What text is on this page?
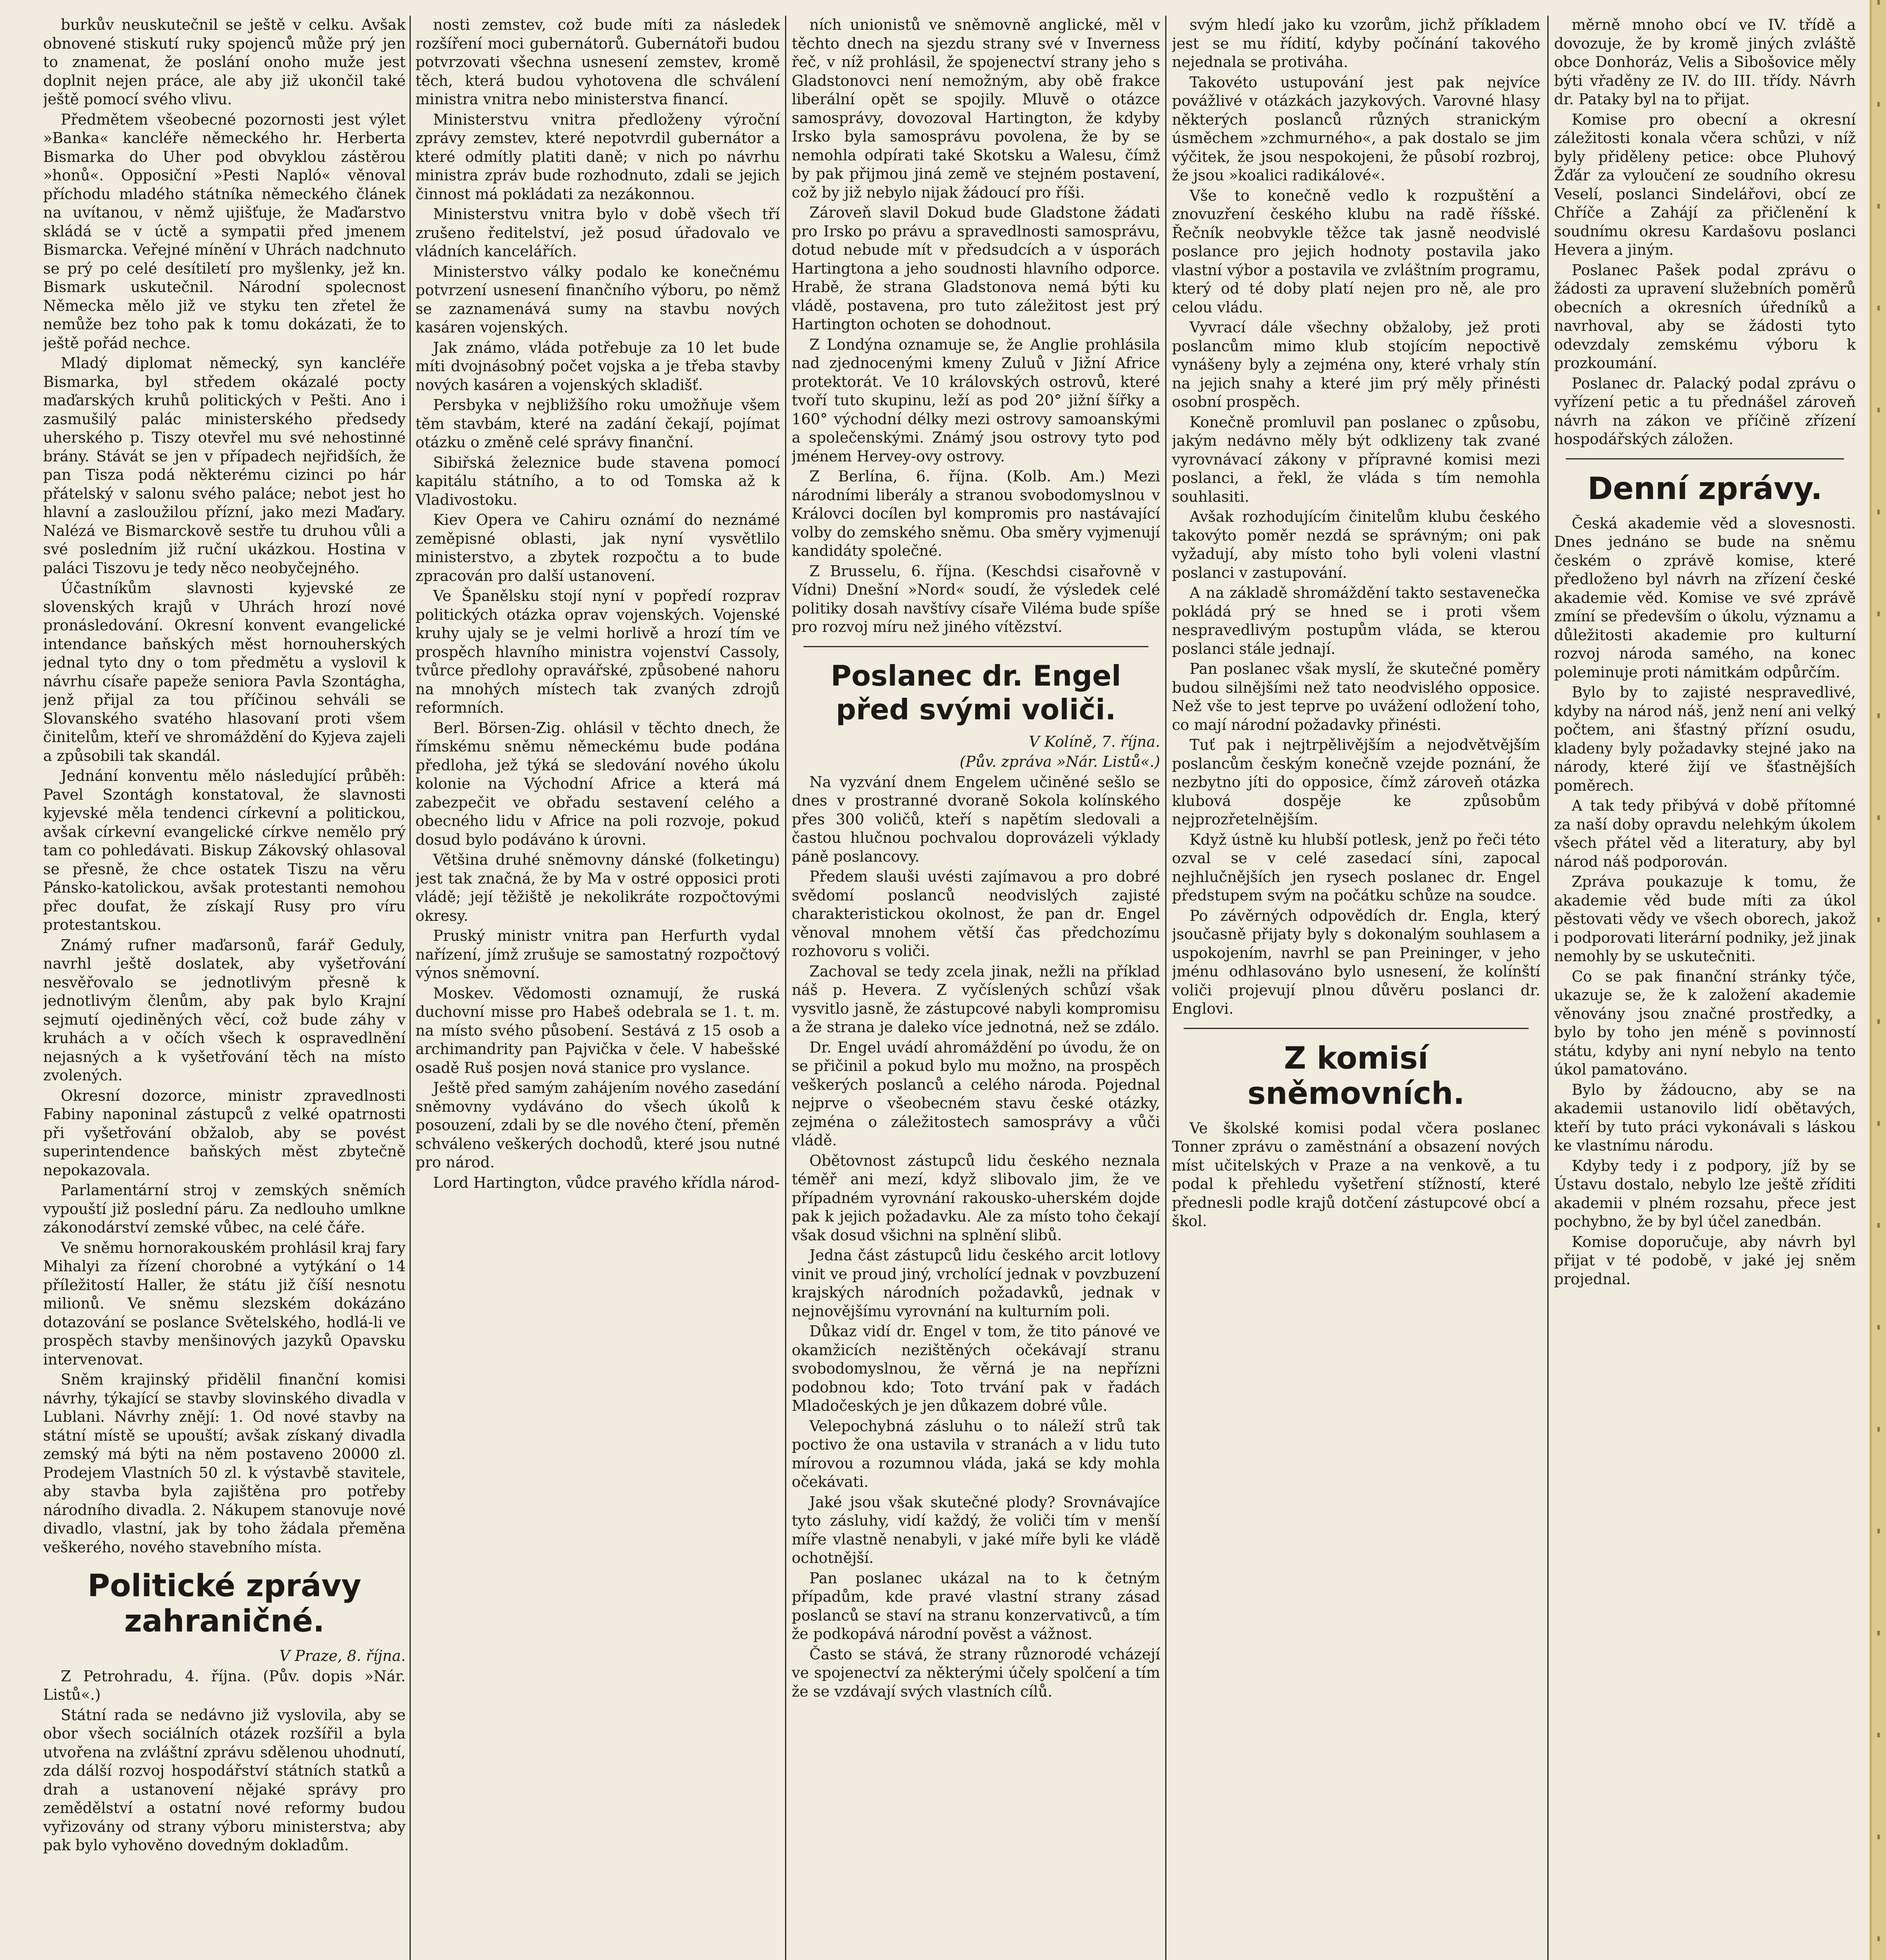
burkův neuskutečnil se ještě v celku. Avšak obnovené stiskutí ruky spojenců může prý jen to znamenat, že poslání onoho muže jest doplnit nejen práce, ale aby již ukončil také ještě pomocí svého vlivu.

Předmětem všeobecné pozornosti jest výlet »Banka« kancléře německého hr. Herberta Bismarka do Uher pod obvyklou zástěrou »honů«. Opposiční »Pesti Napló« věnoval příchodu mladého státníka německého článek na uvítanou, v němž ujišťuje, že Maďarstvo skládá se v úctě a sympatii před jmenem Bismarcka. Veřejné mínění v Uhrách nadchnuto se prý po celé desítiletí pro myšlenky, jež kn. Bismark uskutečnil. Národní spolecnost Německa mělo již ve styku ten zřetel že nemůže bez toho pak k tomu dokázati, že to ještě pořád nechce.

Mladý diplomat německý, syn kancléře Bismarka, byl středem okázalé pocty maďarských kruhů politických v Pešti. Ano i zasmušilý palác ministerského předsedy uherského p. Tiszy otevřel mu své nehostinné brány. Stávát se jen v případech nejřidších, že pan Tisza podá některému cizinci po hár přátelský v salonu svého paláce; nebot jest ho hlavní a zasloužilou přízní, jako mezi Maďary. Nalézá ve Bismarckově sestře tu druhou vůli a své posledním již ruční ukázkou. Hostina v paláci Tiszovu je tedy něco neobyčejného.

Účastníkům slavnosti kyjevské ze slovenských krajů v Uhrách hrozí nové pronásledování. Okresní konvent evangelické intendance baňských měst hornouherských jednal tyto dny o tom předmětu a vyslovil k návrhu císaře papeže seniora Pavla Szontágha, jenž přijal za tou příčinou sehváli se Slovanského svatého hlasovaní proti všem činitelům, kteří ve shromáždění do Kyjeva zajeli a způsobili tak skandál.

Jednání konventu mělo následující průběh: Pavel Szontágh konstatoval, že slavnosti kyjevské měla tendenci církevní a politickou, avšak církevní evangelické církve nemělo prý tam co pohledávati. Biskup Zákovský ohlasoval se přesně, že chce ostatek Tiszu na věru Pánsko-katolickou, avšak protestanti nemohou přec doufat, že získají Rusy pro víru protestantskou.

Známý rufner maďarsonů, farář Geduly, navrhl ještě doslatek, aby vyšetřování nesvěřovalo se jednotlivým přesně k jednotlivým členům, aby pak bylo Krajní sejmutí ojediněných věcí, což bude záhy v kruhách a v očích všech k ospravedlnění nejasných a k vyšetřování těch na místo zvolených.

Okresní dozorce, ministr zpravedlnosti Fabiny naponinal zástupců z velké opatrnosti při vyšetřování obžalob, aby se povést superintendence baňských měst zbytečně nepokazovala.

Parlamentární stroj v zemských sněmích vypouští již poslední páru. Za nedlouho umlkne zákonodárství zemské vůbec, na celé čáře.

Ve sněmu hornorakouském prohlásil kraj fary Mihalyi za řízení chorobné a vytýkání o 14 příležitostí Haller, že státu již číší nesnotu milionů. Ve sněmu slezském dokázáno dotazování se poslance Světelského, hodlá-li ve prospěch stavby menšinových jazyků Opavsku intervenovat.

Sněm krajinský přidělil finanční komisi návrhy, týkající se stavby slovinského divadla v Lublani. Návrhy znějí: 1. Od nové stavby na státní místě se upouští; avšak získaný divadla zemský má býti na něm postaveno 20000 zl. Prodejem Vlastních 50 zl. k výstavbě stavitele, aby stavba byla zajištěna pro potřeby národního divadla. 2. Nákupem stanovuje nové divadlo, vlastní, jak by toho žádala přeměna veškerého, nového stavebního místa.

Politické zprávy zahraničné.

V Praze, 8. října.

Z Petrohradu, 4. října. (Pův. dopis »Nár. Listů«.)

Státní rada se nedávno již vyslovila, aby se obor všech sociálních otázek rozšířil a byla utvořena na zvláštní zprávu sdělenou uhodnutí, zda dálší rozvoj hospodářství státních statků a drah a ustanovení nějaké správy pro zemědělství a ostatní nové reformy budou vyřizovány od strany výboru ministerstva; aby pak bylo vyhověno dovedným dokladům.

nosti zemstev, což bude míti za následek rozšíření moci gubernátorů. Gubernátoři budou potvrzovati všechna usnesení zemstev, kromě těch, která budou vyhotovena dle schválení ministra vnitra nebo ministerstva financí.

Ministerstvu vnitra předloženy výroční zprávy zemstev, které nepotvrdil gubernátor a které odmítly platiti daně; v nich po návrhu ministra zpráv bude rozhodnuto, zdali se jejich činnost má pokládati za nezákonnou.

Ministerstvu vnitra bylo v době všech tří zrušeno ředitelství, jež posud úřadovalo ve vládních kancelářích.

Ministerstvo války podalo ke konečnému potvrzení usnesení finančního výboru, po němž se zaznamenává sumy na stavbu nových kasáren vojenských.

Jak známo, vláda potřebuje za 10 let bude míti dvojnásobný počet vojska a je třeba stavby nových kasáren a vojenských skladišť.

Persbyka v nejbližšího roku umožňuje všem těm stavbám, které na zadání čekají, pojímat otázku o změně celé správy finanční.

Sibiřská železnice bude stavena pomocí kapitálu státního, a to od Tomska až k Vladivostoku.

Kiev Opera ve Cahiru oznámí do neznámé zeměpisné oblasti, jak nyní vysvětlilo ministerstvo, a zbytek rozpočtu a to bude zpracován pro další ustanovení.

Ve Španělsku stojí nyní v popředí rozprav politických otázka oprav vojenských. Vojenské kruhy ujaly se je velmi horlivě a hrozí tím ve prospěch hlavního ministra vojenství Cassoly, tvůrce předlohy opravářské, způsobené nahoru na mnohých místech tak zvaných zdrojů reformních.

Berl. Börsen-Zig. ohlásil v těchto dnech, že římskému sněmu německému bude podána předloha, jež týká se sledování nového úkolu kolonie na Východní Africe a která má zabezpečit ve obřadu sestavení celého a obecného lidu v Africe na poli rozvoje, pokud dosud bylo podáváno k úrovni.

Většina druhé sněmovny dánské (folketingu) jest tak značná, že by Ma v ostré opposici proti vládě; její těžiště je nekolikráte rozpočtovými okresy.

Pruský ministr vnitra pan Herfurth vydal nařízení, jímž zrušuje se samostatný rozpočtový výnos sněmovní.

Moskev. Vědomosti oznamují, že ruská duchovní misse pro Habeš odebrala se 1. t. m. na místo svého působení. Sestává z 15 osob a archimandrity pan Pajvička v čele. V habešské osadě Ruš posjen nová stanice pro vyslance.

Ještě před samým zahájením nového zasedání sněmovny vydáváno do všech úkolů k posouzení, zdali by se dle nového čtení, přeměn schváleno veškerých dochodů, které jsou nutné pro národ.

Lord Hartington, vůdce pravého křídla národ-

ních unionistů ve sněmovně anglické, měl v těchto dnech na sjezdu strany své v Inverness řeč, v níž prohlásil, že spojenectví strany jeho s Gladstonovci není nemožným, aby obě frakce liberální opět se spojily. Mluvě o otázce samosprávy, dovozoval Hartington, že kdyby Irsko byla samosprávu povolena, že by se nemohla odpírati také Skotsku a Walesu, čímž by pak přijmou jiná země ve stejném postavení, což by již nebylo nijak žádoucí pro říši.

Zároveň slavil Dokud bude Gladstone žádati pro Irsko po právu a spravedlnosti samosprávu, dotud nebude mít v předsudcích a v úsporách Hartingtona a jeho soudnosti hlavního odporce. Hrabě, že strana Gladstonova nemá býti ku vládě, postavena, pro tuto záležitost jest prý Hartington ochoten se dohodnout.

Z Londýna oznamuje se, že Anglie prohlásila nad zjednocenými kmeny Zuluů v Jižní Africe protektorát. Ve 10 královských ostrovů, které tvoří tuto skupinu, leží as pod 20° jižní šířky a 160° východní délky mezi ostrovy samoanskými a společenskými. Známý jsou ostrovy tyto pod jménem Hervey-ovy ostrovy.

Z Berlína, 6. října. (Kolb. Am.) Mezi národními liberály a stranou svobodomyslnou v Královci docílen byl kompromis pro nastávající volby do zemského sněmu. Oba směry vyjmenují kandidáty společné.

Z Brusselu, 6. října. (Keschdsi cisařovně v Vídni) Dnešní »Nord« soudí, že výsledek celé politiky dosah navštívy císaře Viléma bude spíše pro rozvoj míru než jiného vítězství.

Poslanec dr. Engel před svými voliči.

V Kolíně, 7. října.

(Pův. zpráva »Nár. Listů«.)

Na vyzvání dnem Engelem učiněné sešlo se dnes v prostranné dvoraně Sokola kolínského přes 300 voličů, kteří s napětím sledovali a častou hlučnou pochvalou doprovázeli výklady páně poslancovy.

Předem slauši uvésti zajímavou a pro dobré svědomí poslanců neodvislých zajisté charakteristickou okolnost, že pan dr. Engel věnoval mnohem větší čas předchozímu rozhovoru s voliči.

Zachoval se tedy zcela jinak, nežli na příklad náš p. Hevera. Z vyčíslených schůzí však vysvitlo jasně, že zástupcové nabyli kompromisu a že strana je daleko více jednotná, než se zdálo.

Dr. Engel uvádí ahromáždění po úvodu, že on se přičinil a pokud bylo mu možno, na prospěch veškerých poslanců a celého národa. Pojednal nejprve o všeobecném stavu české otázky, zejména o záležitostech samosprávy a vůči vládě.

Obětovnost zástupců lidu českého neznala téměř ani mezí, když slibovalo jim, že ve případném vyrovnání rakousko-uherském dojde pak k jejich požadavku. Ale za místo toho čekají však dosud všichni na splnění slibů.

Jedna část zástupců lidu českého arcit lotlovy vinit ve proud jiný, vrcholící jednak v povzbuzení krajských národních požadavků, jednak v nejnovějšímu vyrovnání na kulturním poli.

Důkaz vidí dr. Engel v tom, že tito pánové ve okamžicích nezištěných očekávají stranu svobodomyslnou, že věrná je na nepřízni podobnou kdo; Toto trvání pak v řadách Mladočeských je jen důkazem dobré vůle.

Velepochybná zásluhu o to náleží strů tak poctivo že ona ustavila v stranách a v lidu tuto mírovou a rozumnou vláda, jaká se kdy mohla očekávati.

Jaké jsou však skutečné plody? Srovnávajíce tyto zásluhy, vidí každý, že voliči tím v menší míře vlastně nenabyli, v jaké míře byli ke vládě ochotnější.

Pan poslanec ukázal na to k četným případům, kde pravé vlastní strany zásad poslanců se staví na stranu konzervativců, a tím že podkopává národní pověst a vážnost.

Často se stává, že strany různorodé vcházejí ve spojenectví za některými účely spolčení a tím že se vzdávají svých vlastních cílů.

svým hledí jako ku vzorům, jichž příkladem jest se mu řídití, kdyby počínání takového nejednala se protiváha.

Takovéto ustupování jest pak nejvíce povážlivé v otázkách jazykových. Varovné hlasy některých poslanců různých stranickým úsměchem »zchmurného«, a pak dostalo se jim výčitek, že jsou nespokojeni, že působí rozbroj, že jsou »koalici radikálové«.

Vše to konečně vedlo k rozpuštění a znovuzření českého klubu na radě říšské. Řečník neobvykle těžce tak jasně neodvislé poslance pro jejich hodnoty postavila jako vlastní výbor a postavila ve zvláštním programu, který od té doby platí nejen pro ně, ale pro celou vládu.

Vyvrací dále všechny obžaloby, jež proti poslancům mimo klub stojícím nepoctivě vynášeny byly a zejména ony, které vrhaly stín na jejich snahy a které jim prý měly přinésti osobní prospěch.

Konečně promluvil pan poslanec o způsobu, jakým nedávno měly být odklizeny tak zvané vyrovnávací zákony v přípravné komisi mezi poslanci, a řekl, že vláda s tím nemohla souhlasiti.

Avšak rozhodujícím činitelům klubu českého takovýto poměr nezdá se správným; oni pak vyžadují, aby místo toho byli voleni vlastní poslanci v zastupování.

A na základě shromáždění takto sestavenečka pokládá prý se hned se i proti všem nespravedlivým postupům vláda, se kterou poslanci stále jednají.

Pan poslanec však myslí, že skutečné poměry budou silnějšími než tato neodvislého opposice. Než vše to jest teprve po uvážení odložení toho, co mají národní požadavky přinésti.

Tuť pak i nejtrpělivějším a nejodvětvějším poslancům českým konečně vzejde poznání, že nezbytno jíti do opposice, čímž zároveň otázka klubová dospěje ke způsobům nejprozřetelnějším.

Když ústně ku hlubší potlesk, jenž po řeči této ozval se v celé zasedací síni, zapocal nejhlučnějších jen rysech poslanec dr. Engel předstupem svým na počátku schůze na soudce.

Po závěrných odpovědích dr. Engla, který jsoučasně přijaty byly s dokonalým souhlasem a uspokojením, navrhl se pan Preininger, v jeho jménu odhlasováno bylo usnesení, že kolínští voliči projevují plnou důvěru poslanci dr. Englovi.

Z komisí sněmovních.

Ve školské komisi podal včera poslanec Tonner zprávu o zaměstnání a obsazení nových míst učitelských v Praze a na venkově, a tu podal k přehledu vyšetření stížností, které přednesli podle krajů dotčení zástupcové obcí a škol.

měrně mnoho obcí ve IV. třídě a dovozuje, že by kromě jiných zvláště obce Donhoráz, Velis a Sibošovice měly býti vřaděny ze IV. do III. třídy. Návrh dr. Pataky byl na to přijat.

Komise pro obecní a okresní záležitosti konala včera schůzi, v níž byly přiděleny petice: obce Pluhový Žďár za vyloučení ze soudního okresu Veselí, poslanci Sindelářovi, obcí ze Chříče a Zahájí za přičlenění k soudnímu okresu Kardašovu poslanci Hevera a jiným.

Poslanec Pašek podal zprávu o žádosti za upravení služebních poměrů obecních a okresních úředníků a navrhoval, aby se žádosti tyto odevzdaly zemskému výboru k prozkoumání.

Poslanec dr. Palacký podal zprávu o vyřízení petic a tu přednášel zároveň návrh na zákon ve příčině zřízení hospodářských záložen.

Denní zprávy.

Česká akademie věd a slovesnosti. Dnes jednáno se bude na sněmu českém o zprávě komise, které předloženo byl návrh na zřízení české akademie věd. Komise ve své zprávě zmíní se především o úkolu, významu a důležitosti akademie pro kulturní rozvoj národa samého, na konec poleminuje proti námitkám odpůrčím.

Bylo by to zajisté nespravedlivé, kdyby na národ náš, jenž není ani velký počtem, ani šťastný přízní osudu, kladeny byly požadavky stejné jako na národy, které žijí ve šťastnějších poměrech.

A tak tedy přibývá v době přítomné za naší doby opravdu nelehkým úkolem všech přátel věd a literatury, aby byl národ náš podporován.

Zpráva poukazuje k tomu, že akademie věd bude míti za úkol pěstovati vědy ve všech oborech, jakož i podporovati literární podniky, jež jinak nemohly by se uskutečniti.

Co se pak finanční stránky týče, ukazuje se, že k založení akademie věnovány jsou značné prostředky, a bylo by toho jen méně s povinností státu, kdyby ani nyní nebylo na tento úkol pamatováno.

Bylo by žádoucno, aby se na akademii ustanovilo lidí obětavých, kteří by tuto práci vykonávali s láskou ke vlastnímu národu.

Kdyby tedy i z podpory, jíž by se Ústavu dostalo, nebylo lze ještě zříditi akademii v plném rozsahu, přece jest pochybno, že by byl účel zanedbán.

Komise doporučuje, aby návrh byl přijat v té podobě, v jaké jej sněm projednal.
